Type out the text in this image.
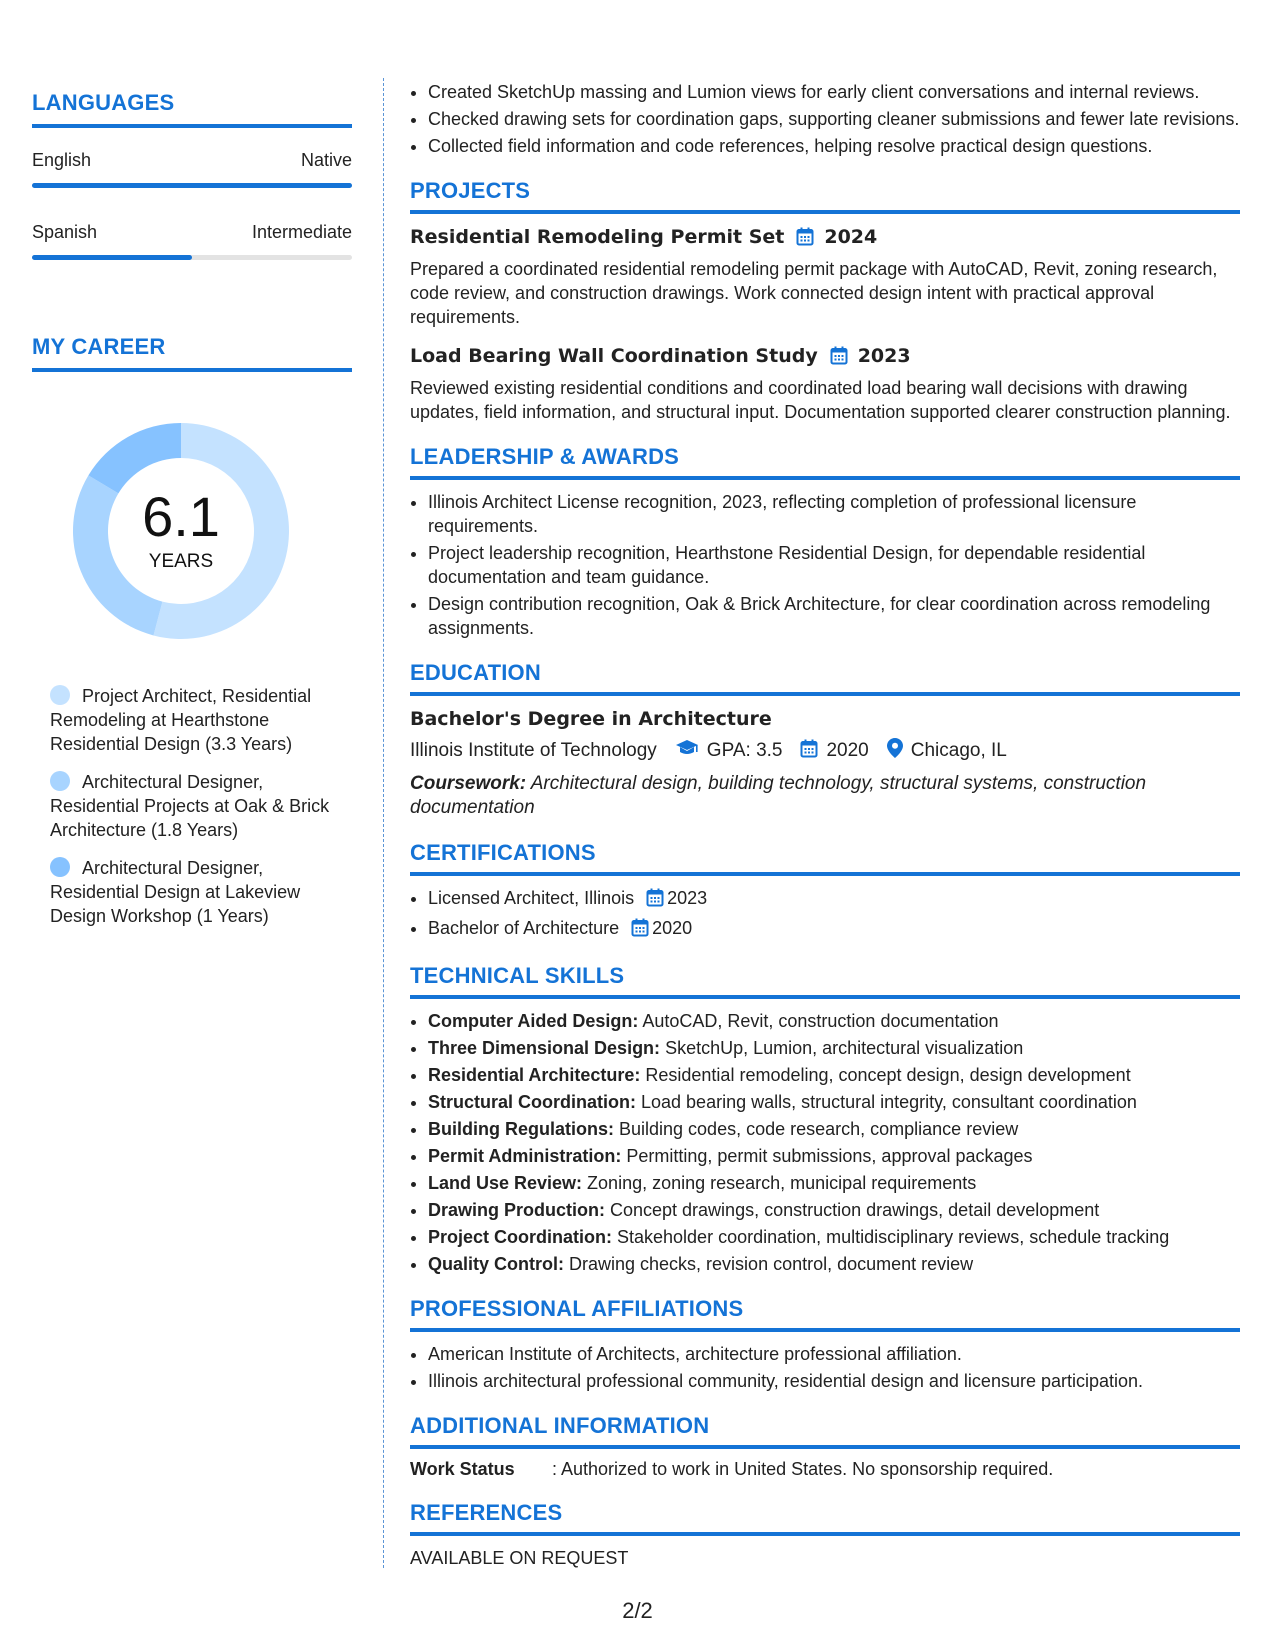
LANGUAGES
English	Native
Spanish	Intermediate
MY CAREER
6.1
YEARS
Project Architect, Residential Remodeling at Hearthstone Residential Design (3.3 Years)
Architectural Designer, Residential Projects at Oak & Brick Architecture (1.8 Years)
Architectural Designer, Residential Design at Lakeview Design Workshop (1 Years)
• Created SketchUp massing and Lumion views for early client conversations and internal reviews.
• Checked drawing sets for coordination gaps, supporting cleaner submissions and fewer late revisions.
• Collected field information and code references, helping resolve practical design questions.
PROJECTS
Residential Remodeling Permit Set 2024
Prepared a coordinated residential remodeling permit package with AutoCAD, Revit, zoning research, code review, and construction drawings. Work connected design intent with practical approval requirements.
Load Bearing Wall Coordination Study 2023
Reviewed existing residential conditions and coordinated load bearing wall decisions with drawing updates, field information, and structural input. Documentation supported clearer construction planning.
LEADERSHIP & AWARDS
• Illinois Architect License recognition, 2023, reflecting completion of professional licensure requirements.
• Project leadership recognition, Hearthstone Residential Design, for dependable residential documentation and team guidance.
• Design contribution recognition, Oak & Brick Architecture, for clear coordination across remodeling assignments.
EDUCATION
Bachelor's Degree in Architecture
Illinois Institute of Technology	GPA: 3.5 2020 Chicago, IL
Coursework: Architectural design, building technology, structural systems, construction documentation
CERTIFICATIONS
• Licensed Architect, Illinois 2023
• Bachelor of Architecture 2020
TECHNICAL SKILLS
• Computer Aided Design: AutoCAD, Revit, construction documentation
• Three Dimensional Design: SketchUp, Lumion, architectural visualization
• Residential Architecture: Residential remodeling, concept design, design development
• Structural Coordination: Load bearing walls, structural integrity, consultant coordination
• Building Regulations: Building codes, code research, compliance review
• Permit Administration: Permitting, permit submissions, approval packages
• Land Use Review: Zoning, zoning research, municipal requirements
• Drawing Production: Concept drawings, construction drawings, detail development
• Project Coordination: Stakeholder coordination, multidisciplinary reviews, schedule tracking
• Quality Control: Drawing checks, revision control, document review
PROFESSIONAL AFFILIATIONS
• American Institute of Architects, architecture professional affiliation.
• Illinois architectural professional community, residential design and licensure participation.
ADDITIONAL INFORMATION
Work Status	: Authorized to work in United States. No sponsorship required.
REFERENCES
AVAILABLE ON REQUEST
2/2
